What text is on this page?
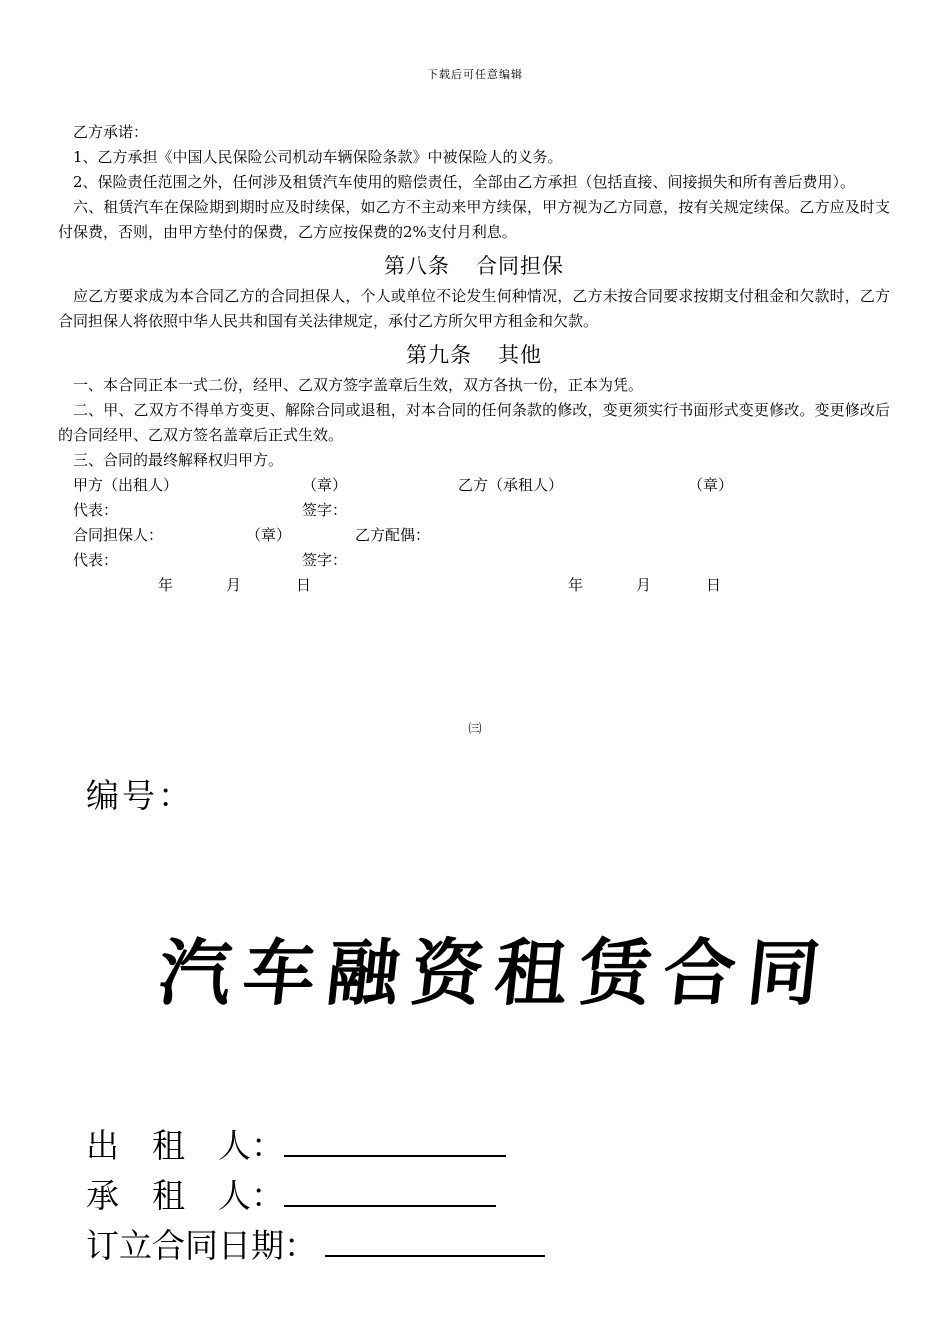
下载后可任意编辑

乙方承诺：

1、乙方承担《中国人民保险公司机动车辆保险条款》中被保险人的义务。

2、保险责任范围之外，任何涉及租赁汽车使用的赔偿责任，全部由乙方承担（包括直接、间接损失和所有善后费用）。

六、租赁汽车在保险期到期时应及时续保，如乙方不主动来甲方续保，甲方视为乙方同意，按有关规定续保。乙方应及时支付保费，否则，由甲方垫付的保费，乙方应按保费的2%支付月利息。

第八条 合同担保

应乙方要求成为本合同乙方的合同担保人，个人或单位不论发生何种情况，乙方未按合同要求按期支付租金和欠款时，乙方合同担保人将依照中华人民共和国有关法律规定，承付乙方所欠甲方租金和欠款。

第九条 其他

一、本合同正本一式二份，经甲、乙双方签字盖章后生效，双方各执一份，正本为凭。

二、甲、乙双方不得单方变更、解除合同或退租，对本合同的任何条款的修改，变更须实行书面形式变更修改。变更修改后的合同经甲、乙双方签名盖章后正式生效。

三、合同的最终解释权归甲方。

甲方（出租人）	（章）	乙方（承租人）	（章）
代表：	签字：
合同担保人：	（章）	乙方配偶：
代表：	签字：
年	月	日	年	月	日
㈢
编号：
汽车融资租赁合同
出　租　人：
承　租　人：
订立合同日期：
